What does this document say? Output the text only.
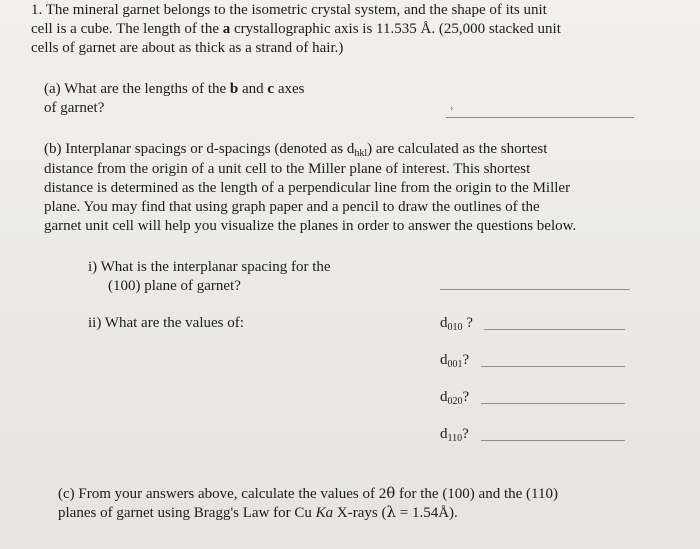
1. The mineral garnet belongs to the isometric crystal system, and the shape of its unit
cell is a cube. The length of the a crystallographic axis is 11.535 Å. (25,000 stacked unit
cells of garnet are about as thick as a strand of hair.)
(a) What are the lengths of the b and c axes
of garnet?	›
(b) Interplanar spacings or d-spacings (denoted as $d_{hkl}$) are calculated as the shortest
distance from the origin of a unit cell to the Miller plane of interest. This shortest
distance is determined as the length of a perpendicular line from the origin to the Miller
plane. You may find that using graph paper and a pencil to draw the outlines of the
garnet unit cell will help you visualize the planes in order to answer the questions below.
i) What is the interplanar spacing for the
(100) plane of garnet?
ii) What are the values of:	$d_{010}$ ?
$d_{001}$?
$d_{020}$?
$d_{110}$?
(c) From your answers above, calculate the values of 2θ for the (100) and the (110)
planes of garnet using Bragg's Law for Cu Ka X-rays (λ = 1.54Å).
